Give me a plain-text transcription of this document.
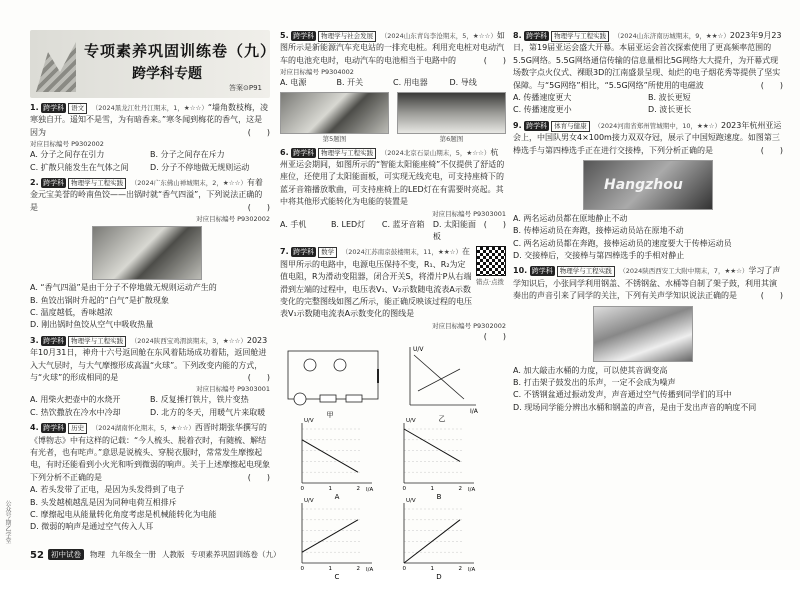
公众号·期乙学堂
专项素养巩固训练卷（九）
跨学科专题
答案⊙P91
1. 跨学科 语文 （2024黑龙江牡丹江期末，1，★☆☆）“墙角数枝梅，凌寒独自开。遥知不是雪，为有暗香来。”寒冬闻到梅花的香气，这是因为	(　　)
对应目标编号 P9302002
A. 分子之间存在引力	B. 分子之间存在斥力
C. 扩散只能发生在气体之间	D. 分子不停地做无规则运动
2. 跨学科 物理学与工程实践 （2024广东佛山禅城期末，2，★☆☆）有着金元宝美誉的岭南鱼饺——出锅时就“香气四溢”，下列说法正确的是	(　　)
对应目标编号 P9302002
A. “香气四溢”是由于分子不停地做无规则运动产生的
B. 鱼饺出锅时升起的“白气”是扩散现象
C. 温度越低，香味越浓
D. 刚出锅时鱼饺从空气中吸收热量
3. 跨学科 物理学与工程实践 （2024陕西宝鸡渭滨期末，3，★☆☆）2023年10月31日，神舟十六号返回舱在东风着陆场成功着陆，返回舱进入大气层时，与大气摩擦形成高温“火球”。下列改变内能的方式，与“火球”的形成相同的是	(　　)
对应目标编号 P9303001
A. 用柴火把壶中的水烧开	B. 反复捶打铁片，铁片变热
C. 热饮撒放在冷水中冷却	D. 北方的冬天，用暖气片来取暖
4. 跨学科 历史 （2024湖南怀化期末，5，★☆☆）西晋时期张华撰写的《博物志》中有这样的记载：“今人梳头、脱着衣时，有随梳、解结有光者，也有咤声。”意思是说梳头、穿脱衣服时，常常发生摩擦起电，有时还能看到小火光和听到微弱的响声。关于上述摩擦起电现象下列分析不正确的是	(　　)
A. 若头发带了正电，是因为头发得到了电子
B. 头发越梳越乱是因为同种电荷互相排斥
C. 摩擦起电从能量转化角度考虑是机械能转化为电能
D. 微弱的响声是通过空气传入人耳
5. 跨学科 物理学与社会发展 （2024山东青岛李沧期末，5，★☆☆）如图所示是新能源汽车充电站的一排充电桩。利用充电桩对电动汽车的电池充电时，电动汽车的电池相当于电路中的	(　　)
对应目标编号 P9304002
A. 电源	B. 开关	C. 用电器	D. 导线
第5题图	第6题图
6. 跨学科 物理学与工程实践 （2024北京石景山期末，5，★☆☆）杭州亚运会期间，如图所示的“智能太阳能座椅”不仅提供了舒适的座位，还使用了太阳能面板，可实现无线充电，可支持座椅下的蓝牙音箱播放歌曲，可支持座椅上的LED灯在有需要时亮起。其中将其他形式能转化为电能的装置是
对应目标编号 P9303001
(　　)
A. 手机	B. LED灯	C. 蓝牙音箱	D. 太阳能面板
错点·点拨
7. 跨学科 数学 （2024江苏南京鼓楼期末，11，★★☆）在图甲所示的电路中，电源电压保持不变，R₁、R₂为定值电阻，R为滑动变阻器，闭合开关S，将滑片P从右端滑到左端的过程中，电压表V₁、V₂示数随电流表A示数变化的完整图线如图乙所示，能正确反映该过程的电压表V₁示数随电流表A示数变化的图线是
对应目标编号 P9302002
(　　)
甲
U/V
I/A
乙
U/V
I/A
0	1	2
A
U/V
I/A
0	1	2
B
U/V
I/A
0	1	2
C
U/V
I/A
0	1	2
D
8. 跨学科 物理学与工程实践 （2024山东济南历城期末，9，★★☆）2023年9月23日，第19届亚运会盛大开幕。本届亚运会首次探索使用了更高频率范围的5.5G网络。5.5G网络通信传输的信息量相比5G网络大大提升，为开幕式现场数字点火仪式、裸眼3D的江南盛景呈现、灿烂的电子烟花秀等提供了坚实保障。与“5G网络”相比，“5.5G网络”所使用的电磁波	(　　)
A. 传播速度更大	B. 波长更短
C. 传播速度更小	D. 波长更长
9. 跨学科 体育与健康 （2024河南省郑州管城期中，10，★★☆）2023年杭州亚运会上，中国队男女4×100m接力双双夺冠，展示了中国短跑速度。如图第三棒选手与第四棒选手正在进行交接棒，下列分析正确的是	(　　)
Hangzhou
A. 两名运动员都在原地静止不动
B. 传棒运动员在奔跑，接棒运动员站在原地不动
C. 两名运动员都在奔跑，接棒运动员的速度要大于传棒运动员
D. 交接棒后，交接棒与第四棒选手的手相对静止
10. 跨学科 物理学与工程实践 （2024陕西西安工大附中期末，7，★★☆）学习了声学知识后，小张同学利用钢盖、不锈钢盆、水桶等自制了架子鼓，利用其演奏出的声音引来了同学的关注，下列有关声学知识说法正确的是	(　　)
A. 加大敲击水桶的力度，可以使其音调变高
B. 打击架子鼓发出的乐声，一定不会成为噪声
C. 不锈钢盆通过振动发声，声音通过空气传播到同学们的耳中
D. 现场同学能分辨出水桶和钢盖的声音，是由于发出声音的响度不同
52 初中试卷	物理 九年级全一册 人教版 专项素养巩固训练卷（九）
